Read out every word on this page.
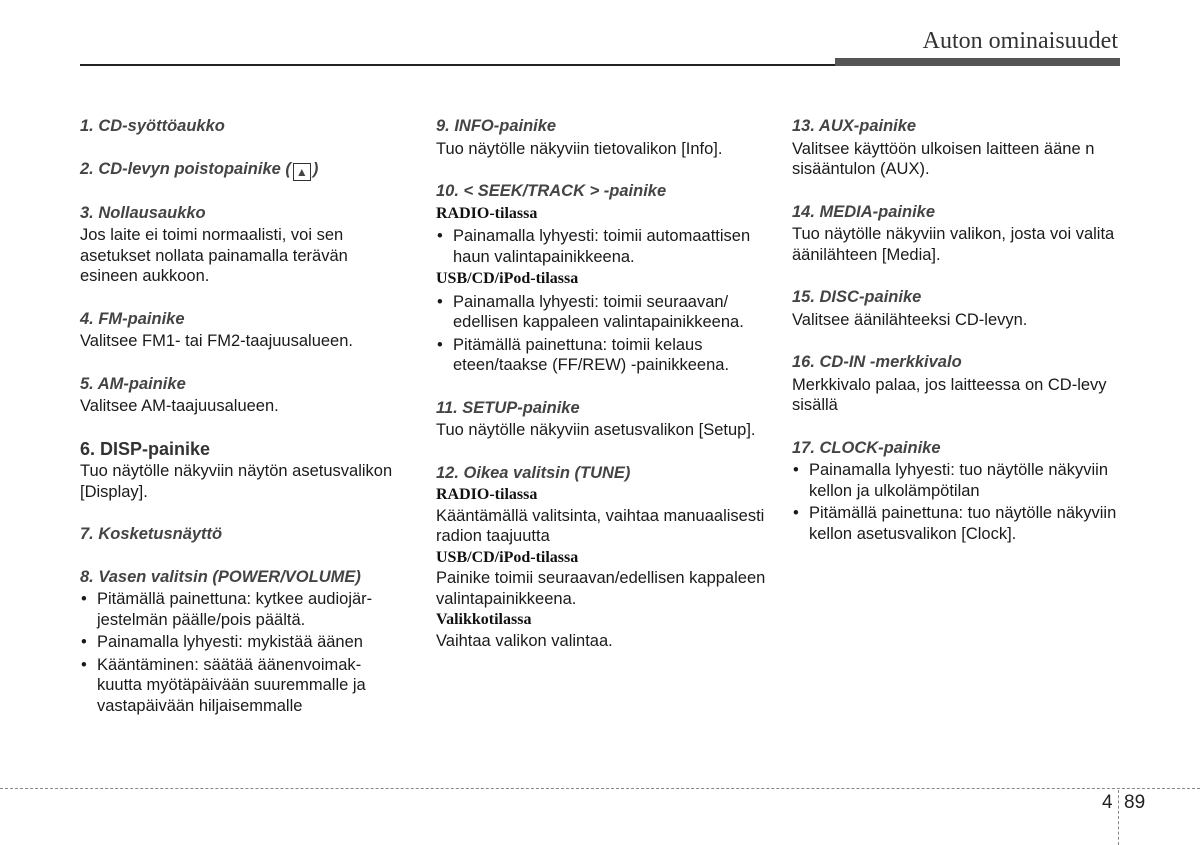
Auton ominaisuudet
1. CD-syöttöaukko
2. CD-levyn poistopainike ( ▲ )
3. Nollausaukko
Jos laite ei toimi normaalisti, voi sen asetukset nollata painamalla terävän esineen aukkoon.
4. FM-painike
Valitsee FM1- tai FM2-taajuusalueen.
5. AM-painike
Valitsee AM-taajuusalueen.
6. DISP-painike
Tuo näytölle näkyviin näytön asetusvalikon [Display].
7. Kosketusnäyttö
8. Vasen valitsin (POWER/VOLUME)
• Pitämällä painettuna: kytkee audiojärjestelmän päälle/pois päältä.
• Painamalla lyhyesti: mykistää äänen
• Kääntäminen: säätää äänenvoimakkuutta myötäpäivään suuremmalle ja vastapäivään hiljaisemmalle
9. INFO-painike
Tuo näytölle näkyviin tietovalikon [Info].
10. < SEEK/TRACK > -painike
RADIO-tilassa
• Painamalla lyhyesti: toimii automaattisen haun valintapainikkeena.
USB/CD/iPod-tilassa
• Painamalla lyhyesti: toimii seuraavan/ edellisen kappaleen valintapainikkeena.
• Pitämällä painettuna: toimii kelaus eteen/taakse (FF/REW) -painikkeena.
11. SETUP-painike
Tuo näytölle näkyviin asetusvalikon [Setup].
12. Oikea valitsin (TUNE)
RADIO-tilassa
Kääntämällä valitsinta, vaihtaa manuaalisesti radion taajuutta
USB/CD/iPod-tilassa
Painike toimii seuraavan/edellisen kappaleen valintapainikkeena.
Valikkotilassa
Vaihtaa valikon valintaa.
13. AUX-painike
Valitsee käyttöön ulkoisen laitteen ääne n sisääntulon (AUX).
14. MEDIA-painike
Tuo näytölle näkyviin valikon, josta voi valita äänilähteen [Media].
15. DISC-painike
Valitsee äänilähteeksi CD-levyn.
16. CD-IN -merkkivalo
Merkkivalo palaa, jos laitteessa on CD-levy sisällä
17. CLOCK-painike
• Painamalla lyhyesti: tuo näytölle näkyviin kellon ja ulkolämpötilan
• Pitämällä painettuna: tuo näytölle näkyviin kellon asetusvalikon [Clock].
4 89
